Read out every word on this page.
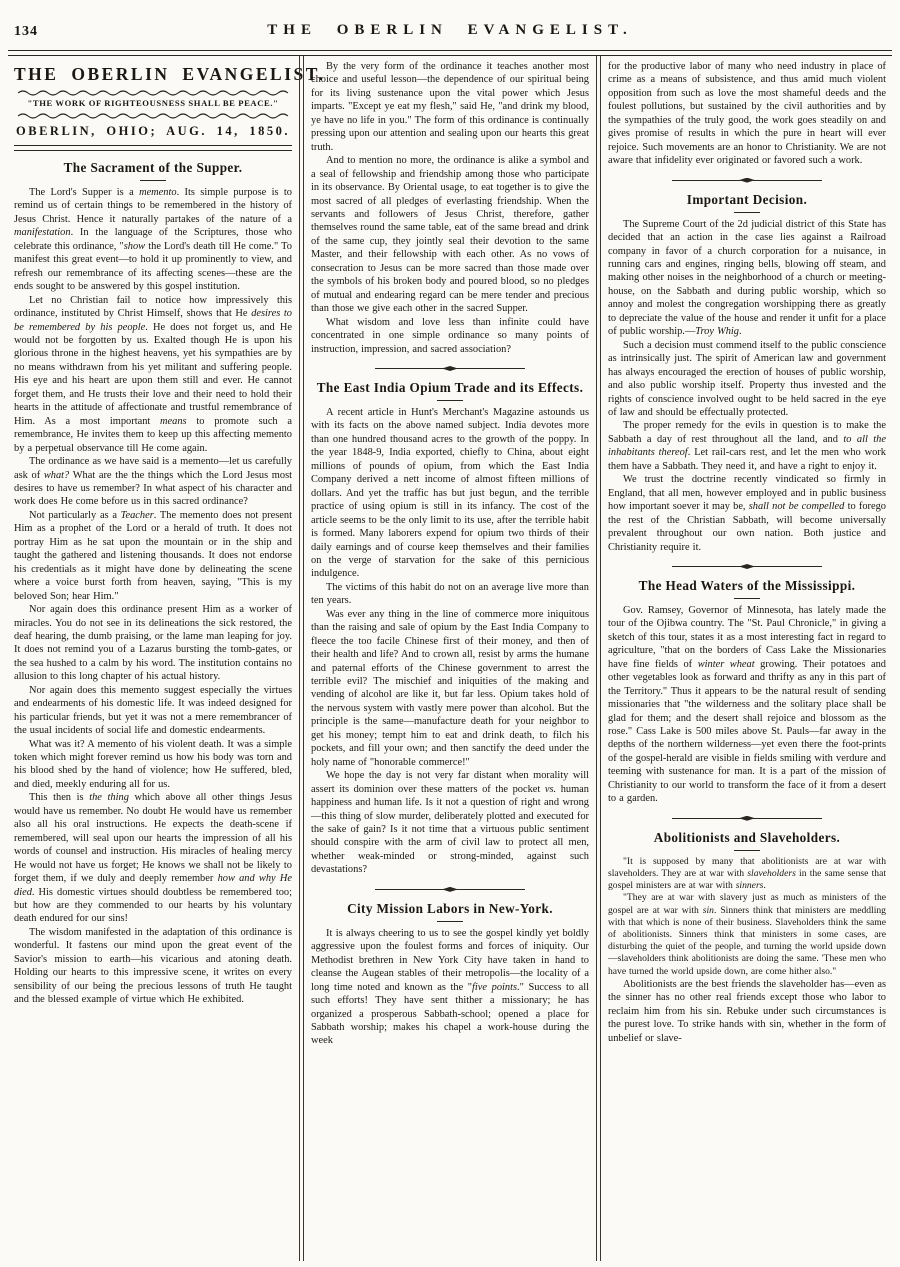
134	THE OBERLIN EVANGELIST.
THE OBERLIN EVANGELIST.
"THE WORK OF RIGHTEOUSNESS SHALL BE PEACE."
OBERLIN, OHIO; AUG. 14, 1850.
The Sacrament of the Supper.

The Lord's Supper is a memento. Its simple purpose is to remind us of certain things to be remembered in the history of Jesus Christ. Hence it naturally partakes of the nature of a manifestation. In the language of the Scriptures, those who celebrate this ordinance, "show the Lord's death till He come." To manifest this great event—to hold it up prominently to view, and refresh our remembrance of its affecting scenes—these are the ends sought to be answered by this gospel institution.

Let no Christian fail to notice how impressively this ordinance, instituted by Christ Himself, shows that He desires to be remembered by his people. He does not forget us, and He would not be forgotten by us. Exalted though He is upon his glorious throne in the highest heavens, yet his sympathies are by no means withdrawn from his yet militant and suffering people. His eye and his heart are upon them still and ever. He cannot forget them, and He trusts their love and their need to hold their hearts in the attitude of affectionate and trustful remembrance of Him. As a most important means to promote such a remembrance, He invites them to keep up this affecting memento by a perpetual observance till He come again.

The ordinance as we have said is a memento—let us carefully ask of what? What are the the things which the Lord Jesus most desires to have us remember? In what aspect of his character and work does He come before us in this sacred ordinance?

Not particularly as a Teacher. The memento does not present Him as a prophet of the Lord or a herald of truth. It does not portray Him as he sat upon the mountain or in the ship and taught the gathered and listening thousands. It does not endorse his credentials as it might have done by delineating the scene where a voice burst forth from heaven, saying, "This is my beloved Son; hear Him."

Nor again does this ordinance present Him as a worker of miracles. You do not see in its delineations the sick restored, the deaf hearing, the dumb praising, or the lame man leaping for joy. It does not remind you of a Lazarus bursting the tomb-gates, or the sea hushed to a calm by his word. The institution contains no allusion to this long chapter of his actual history.

Nor again does this memento suggest especially the virtues and endearments of his domestic life. It was indeed designed for his particular friends, but yet it was not a mere remembrancer of the usual incidents of social life and domestic endearments.

What was it? A memento of his violent death. It was a simple token which might forever remind us how his body was torn and his blood shed by the hand of violence; how He suffered, bled, and died, meekly enduring all for us.

This then is the thing which above all other things Jesus would have us remember. No doubt He would have us remember also all his oral instructions. He expects the death-scene if remembered, will seal upon our hearts the impression of all his words of counsel and instruction. His miracles of healing mercy He would not have us forget; He knows we shall not be likely to forget them, if we duly and deeply remember how and why He died. His domestic virtues should doubtless be remembered too; but how are they commended to our hearts by his voluntary death endured for our sins!

The wisdom manifested in the adaptation of this ordinance is wonderful. It fastens our mind upon the great event of the Savior's mission to earth—his vicarious and atoning death. Holding our hearts to this impressive scene, it writes on every sensibility of our being the precious lessons of truth He taught and the blessed example of virtue which He exhibited.

By the very form of the ordinance it teaches another most choice and useful lesson—the dependence of our spiritual being for its living sustenance upon the vital power which Jesus imparts. "Except ye eat my flesh," said He, "and drink my blood, ye have no life in you." The form of this ordinance is continually pressing upon our attention and sealing upon our hearts this great truth.

And to mention no more, the ordinance is alike a symbol and a seal of fellowship and friendship among those who participate in its observance. By Oriental usage, to eat together is to give the most sacred of all pledges of everlasting friendship. When the servants and followers of Jesus Christ, therefore, gather themselves round the same table, eat of the same bread and drink of the same cup, they jointly seal their devotion to the same Master, and their fellowship with each other. As no vows of consecration to Jesus can be more sacred than those made over the symbols of his broken body and poured blood, so no pledges of mutual and endearing regard can be mere tender and precious than those we give each other in the sacred Supper.

What wisdom and love less than infinite could have concentrated in one simple ordinance so many points of instruction, impression, and sacred association?

The East India Opium Trade and its Effects.

A recent article in Hunt's Merchant's Magazine astounds us with its facts on the above named subject. India devotes more than one hundred thousand acres to the growth of the poppy. In the year 1848-9, India exported, chiefly to China, about eight millions of pounds of opium, from which the East India Company derived a nett income of almost fifteen millions of dollars. And yet the traffic has but just begun, and the terrible practice of using opium is still in its infancy. The cost of the article seems to be the only limit to its use, after the terrible habit is formed. Many laborers expend for opium two thirds of their daily earnings and of course keep themselves and their families on the verge of starvation for the sake of this pernicious indulgence.

The victims of this habit do not on an average live more than ten years.

Was ever any thing in the line of commerce more iniquitous than the raising and sale of opium by the East India Company to fleece the too facile Chinese first of their money, and then of their health and life? And to crown all, resist by arms the humane and paternal efforts of the Chinese government to arrest the terrible evil? The mischief and iniquities of the making and vending of alcohol are like it, but far less. Opium takes hold of the nervous system with vastly mere power than alcohol. But the principle is the same—manufacture death for your neighbor to get his money; tempt him to eat and drink death, to filch his pockets, and fill your own; and then sanctify the deed under the holy name of "honorable commerce!"

We hope the day is not very far distant when morality will assert its dominion over these matters of the pocket vs. human happiness and human life. Is it not a question of right and wrong—this thing of slow murder, deliberately plotted and executed for the sake of gain? Is it not time that a virtuous public sentiment should conspire with the arm of civil law to protect all men, whether weak-minded or strong-minded, against such devastations?

City Mission Labors in New-York.

It is always cheering to us to see the gospel kindly yet boldly aggressive upon the foulest forms and forces of iniquity. Our Methodist brethren in New York City have taken in hand to cleanse the Augean stables of their metropolis—the locality of a long time noted and known as the "five points." Success to all such efforts! They have sent thither a missionary; he has organized a prosperous Sabbath-school; opened a place for Sabbath worship; makes his chapel a work-house during the week

for the productive labor of many who need industry in place of crime as a means of subsistence, and thus amid much violent opposition from such as love the most shameful deeds and the foulest pollutions, but sustained by the civil authorities and by the sympathies of the truly good, the work goes steadily on and gives promise of results in which the pure in heart will ever rejoice. Such movements are an honor to Christianity. We are not aware that infidelity ever originated or favored such a work.

Important Decision.

The Supreme Court of the 2d judicial district of this State has decided that an action in the case lies against a Railroad company in favor of a church corporation for a nuisance, in running cars and engines, ringing bells, blowing off steam, and making other noises in the neighborhood of a church or meeting-house, on the Sabbath and during public worship, which so annoy and molest the congregation worshipping there as greatly to depreciate the value of the house and render it unfit for a place of public worship.—Troy Whig.

Such a decision must commend itself to the public conscience as intrinsically just. The spirit of American law and government has always encouraged the erection of houses of public worship, and also public worship itself. Property thus invested and the rights of conscience involved ought to be held sacred in the eye of law and should be effectually protected.

The proper remedy for the evils in question is to make the Sabbath a day of rest throughout all the land, and to all the inhabitants thereof. Let rail-cars rest, and let the men who work them have a Sabbath. They need it, and have a right to enjoy it.

We trust the doctrine recently vindicated so firmly in England, that all men, however employed and in public business how important soever it may be, shall not be compelled to forego the rest of the Christian Sabbath, will become universally prevalent throughout our own nation. Both justice and Christianity require it.

The Head Waters of the Mississippi.

Gov. Ramsey, Governor of Minnesota, has lately made the tour of the Ojibwa country. The "St. Paul Chronicle," in giving a sketch of this tour, states it as a most interesting fact in regard to agriculture, "that on the borders of Cass Lake the Missionaries have fine fields of winter wheat growing. Their potatoes and other vegetables look as forward and thrifty as any in this part of the Territory." Thus it appears to be the natural result of sending missionaries that "the wilderness and the solitary place shall be glad for them; and the desert shall rejoice and blossom as the rose." Cass Lake is 500 miles above St. Pauls—far away in the depths of the northern wilderness—yet even there the foot-prints of the gospel-herald are visible in fields smiling with verdure and teeming with sustenance for man. It is a part of the mission of Christianity to our world to transform the face of it from a desert to a garden.

Abolitionists and Slaveholders.

"It is supposed by many that abolitionists are at war with slaveholders. They are at war with slaveholders in the same sense that gospel ministers are at war with sinners.

"They are at war with slavery just as much as ministers of the gospel are at war with sin. Sinners think that ministers are meddling with that which is none of their business. Slaveholders think the same of abolitionists. Sinners think that ministers in some cases, are disturbing the quiet of the people, and turning the world upside down—slaveholders think abolitionists are doing the same. 'These men who have turned the world upside down, are come hither also."

Abolitionists are the best friends the slaveholder has—even as the sinner has no other real friends except those who labor to reclaim him from his sin. Rebuke under such circumstances is the purest love. To strike hands with sin, whether in the form of unbelief or slave-
